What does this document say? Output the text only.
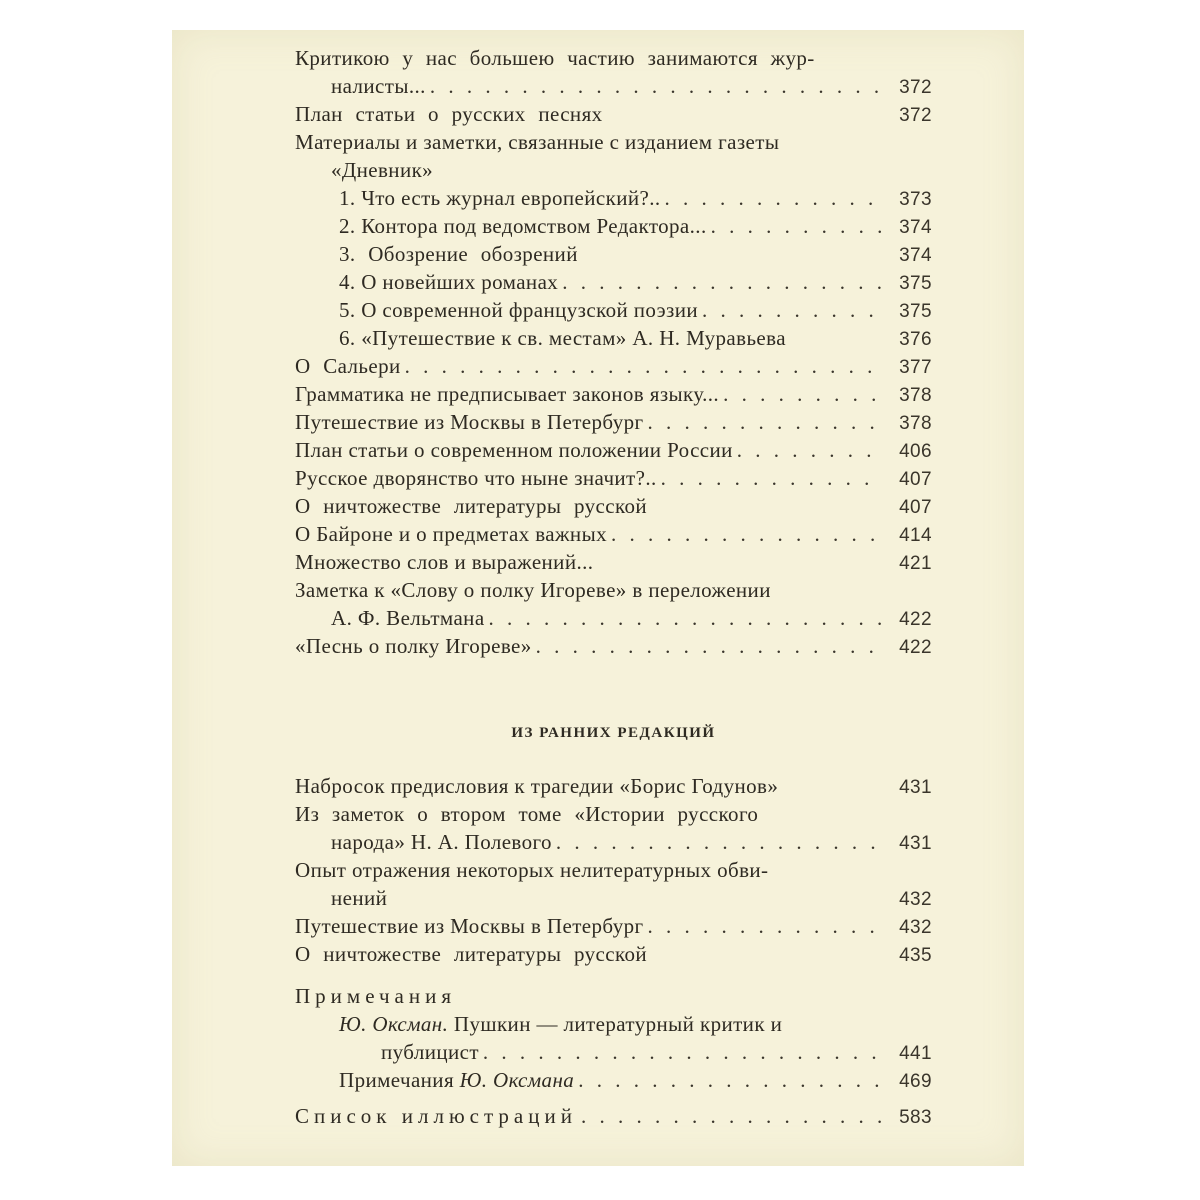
Критикою у нас большею частию занимаются жур-
налисты... . . .	372
План статьи о русских песнях	372
Материалы и заметки, связанные с изданием газеты
«Дневник»
1. Что есть журнал европейский?.. . . .	373
2. Контора под ведомством Редактора... . . .	374
3. Обозрение обозрений	374
4. О новейших романах . . .	375
5. О современной французской поэзии . . .	375
6. «Путешествие к св. местам» А. Н. Муравьева	376
О Сальери . . .	377
Грамматика не предписывает законов языку... . . .	378
Путешествие из Москвы в Петербург . . .	378
План статьи о современном положении России . . .	406
Русское дворянство что ныне значит?.. . . .	407
О ничтожестве литературы русской	407
О Байроне и о предметах важных . . .	414
Множество слов и выражений...	421
Заметка к «Слову о полку Игореве» в переложении
А. Ф. Вельтмана . . .	422
«Песнь о полку Игореве» . . .	422
ИЗ РАННИХ РЕДАКЦИЙ
Набросок предисловия к трагедии «Борис Годунов»	431
Из заметок о втором томе «Истории русского
народа» Н. А. Полевого . . .	431
Опыт отражения некоторых нелитературных обви-
нений	432
Путешествие из Москвы в Петербург . . .	432
О ничтожестве литературы русской	435
Примечания
Ю. Оксман. Пушкин — литературный критик и
публицист . . .	441
Примечания Ю. Оксмана . . .	469
Список иллюстраций . . .	583
